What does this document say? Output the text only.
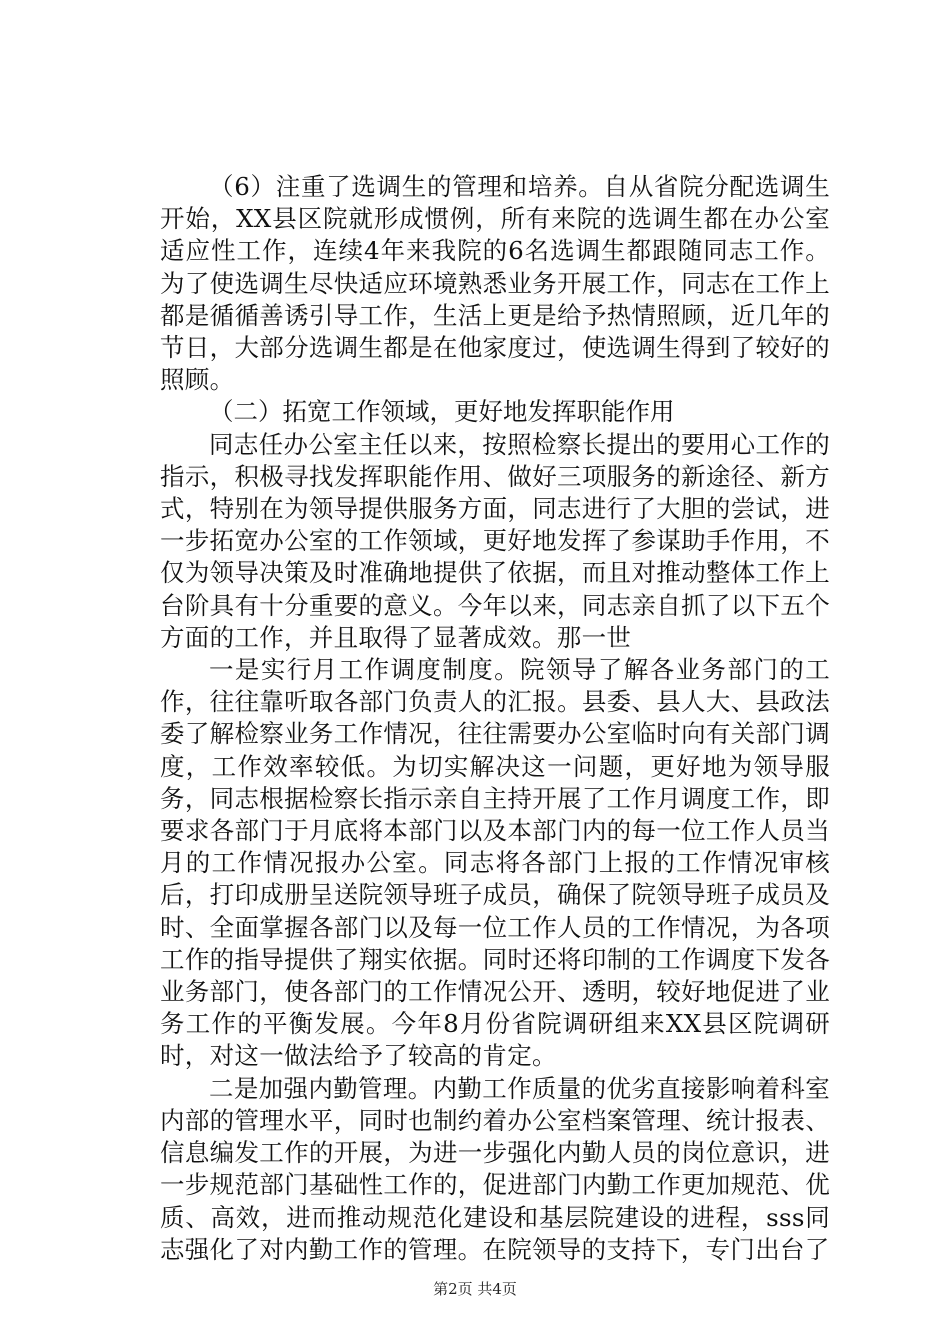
（6）注重了选调生的管理和培养。自从省院分配选调生开始，XX县区院就形成惯例，所有来院的选调生都在办公室适应性工作，连续4年来我院的6名选调生都跟随同志工作。为了使选调生尽快适应环境熟悉业务开展工作，同志在工作上都是循循善诱引导工作，生活上更是给予热情照顾，近几年的节日，大部分选调生都是在他家度过，使选调生得到了较好的照顾。

（二）拓宽工作领域，更好地发挥职能作用

同志任办公室主任以来，按照检察长提出的要用心工作的指示，积极寻找发挥职能作用、做好三项服务的新途径、新方式，特别在为领导提供服务方面，同志进行了大胆的尝试，进一步拓宽办公室的工作领域，更好地发挥了参谋助手作用，不仅为领导决策及时准确地提供了依据，而且对推动整体工作上台阶具有十分重要的意义。今年以来，同志亲自抓了以下五个方面的工作，并且取得了显著成效。那一世

一是实行月工作调度制度。院领导了解各业务部门的工作，往往靠听取各部门负责人的汇报。县委、县人大、县政法委了解检察业务工作情况，往往需要办公室临时向有关部门调度，工作效率较低。为切实解决这一问题，更好地为领导服务，同志根据检察长指示亲自主持开展了工作月调度工作，即要求各部门于月底将本部门以及本部门内的每一位工作人员当月的工作情况报办公室。同志将各部门上报的工作情况审核后，打印成册呈送院领导班子成员，确保了院领导班子成员及时、全面掌握各部门以及每一位工作人员的工作情况，为各项工作的指导提供了翔实依据。同时还将印制的工作调度下发各业务部门，使各部门的工作情况公开、透明，较好地促进了业务工作的平衡发展。今年8月份省院调研组来XX县区院调研时，对这一做法给予了较高的肯定。

二是加强内勤管理。内勤工作质量的优劣直接影响着科室内部的管理水平，同时也制约着办公室档案管理、统计报表、信息编发工作的开展，为进一步强化内勤人员的岗位意识，进一步规范部门基础性工作的，促进部门内勤工作更加规范、优质、高效，进而推动规范化建设和基层院建设的进程，sss同志强化了对内勤工作的管理。在院领导的支持下，专门出台了

第2页 共4页
